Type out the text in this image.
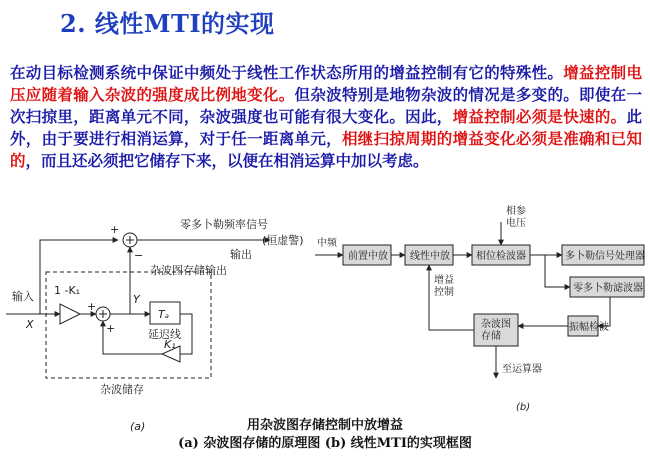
2. 线性MTI的实现

在动目标检测系统中保证中频处于线性工作状态所用的增益控制有它的特殊性。增益控制电压应随着输入杂波的强度成比例地变化。但杂波特别是地物杂波的情况是多变的。即使在一次扫掠里，距离单元不同，杂波强度也可能有很大变化。因此，增益控制必须是快速的。此外，由于要进行相消运算，对于任一距离单元，相继扫掠周期的增益变化必须是准确和已知的，而且还必须把它储存下来，以便在相消运算中加以考虑。

零多卜勒频率信号
(恒虚警)
输出
杂波图存储输出
输入
X
Y
1 -K₁
Tₐ
延迟线
K₁
+
−
+
+
杂波储存
(a)
中频
相参 电压
前置中放 线性中放	相位检波器	多卜勒信号处理器
零多卜勒滤波器
振幅检波
杂波图 存储
增益 控制
至运算器
(b)

用杂波图存储控制中放增益

(a) 杂波图存储的原理图 (b) 线性MTI的实现框图
